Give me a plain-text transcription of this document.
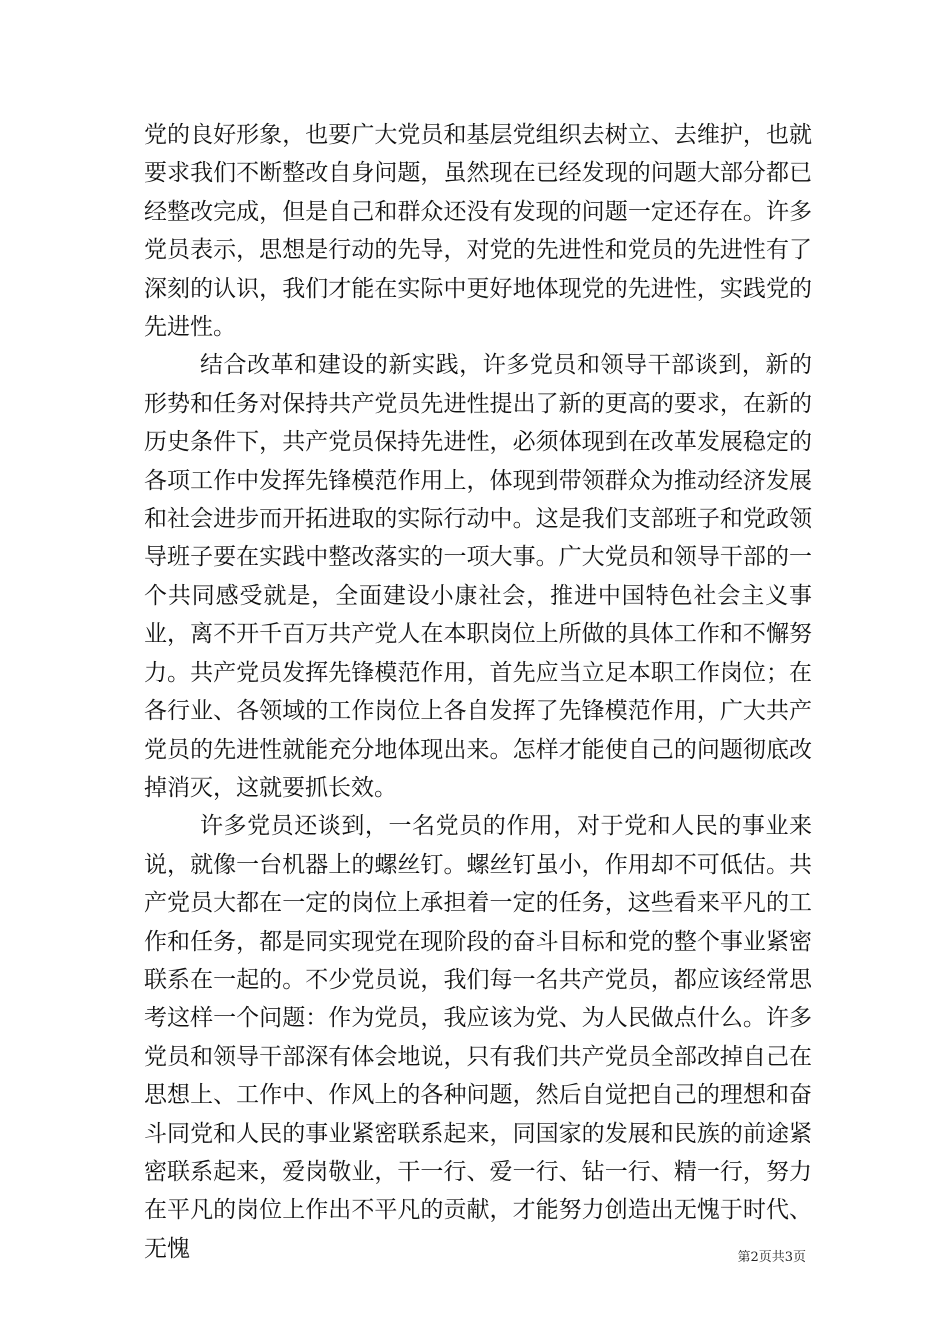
党的良好形象，也要广大党员和基层党组织去树立、去维护，也就要求我们不断整改自身问题，虽然现在已经发现的问题大部分都已经整改完成，但是自己和群众还没有发现的问题一定还存在。许多党员表示，思想是行动的先导，对党的先进性和党员的先进性有了深刻的认识，我们才能在实际中更好地体现党的先进性，实践党的先进性。

结合改革和建设的新实践，许多党员和领导干部谈到，新的形势和任务对保持共产党员先进性提出了新的更高的要求，在新的历史条件下，共产党员保持先进性，必须体现到在改革发展稳定的各项工作中发挥先锋模范作用上，体现到带领群众为推动经济发展和社会进步而开拓进取的实际行动中。这是我们支部班子和党政领导班子要在实践中整改落实的一项大事。广大党员和领导干部的一个共同感受就是，全面建设小康社会，推进中国特色社会主义事业，离不开千百万共产党人在本职岗位上所做的具体工作和不懈努力。共产党员发挥先锋模范作用，首先应当立足本职工作岗位；在各行业、各领域的工作岗位上各自发挥了先锋模范作用，广大共产党员的先进性就能充分地体现出来。怎样才能使自己的问题彻底改掉消灭，这就要抓长效。

许多党员还谈到，一名党员的作用，对于党和人民的事业来说，就像一台机器上的螺丝钉。螺丝钉虽小，作用却不可低估。共产党员大都在一定的岗位上承担着一定的任务，这些看来平凡的工作和任务，都是同实现党在现阶段的奋斗目标和党的整个事业紧密联系在一起的。不少党员说，我们每一名共产党员，都应该经常思考这样一个问题：作为党员，我应该为党、为人民做点什么。许多党员和领导干部深有体会地说，只有我们共产党员全部改掉自己在思想上、工作中、作风上的各种问题，然后自觉把自己的理想和奋斗同党和人民的事业紧密联系起来，同国家的发展和民族的前途紧密联系起来，爱岗敬业，干一行、爱一行、钻一行、精一行，努力在平凡的岗位上作出不平凡的贡献，才能努力创造出无愧于时代、无愧	第2页共3页
